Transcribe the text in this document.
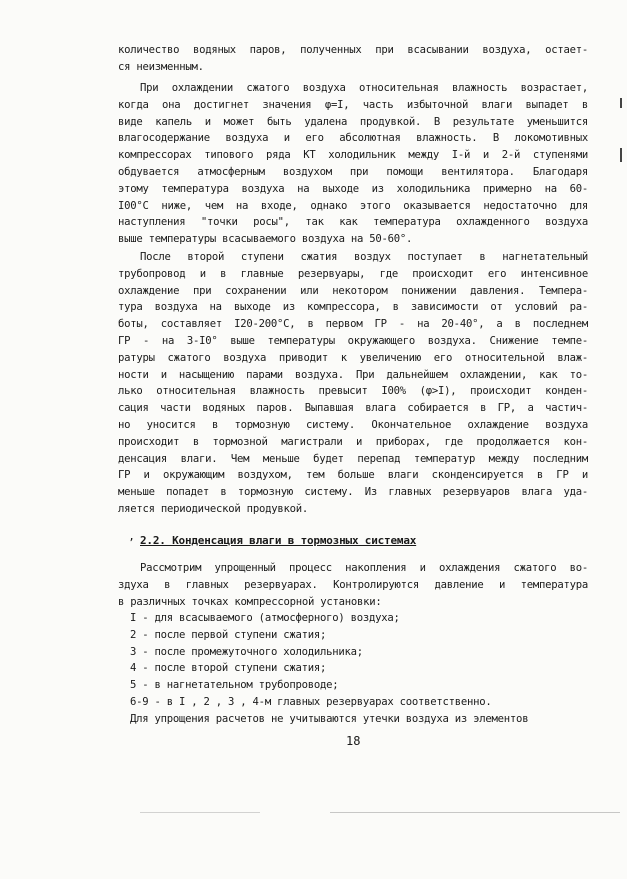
количество водяных паров, полученных при всасывании воздуха, остает-
ся неизменным.
При охлаждении сжатого воздуха относительная влажность возрастает,
когда она достигнет значения φ=I, часть избыточной влаги выпадет в
виде капель и может быть удалена продувкой. В результате уменьшится
влагосодержание воздуха и его абсолютная влажность. В локомотивных
компрессорах типового ряда КТ холодильник между I-й и 2-й ступенями
обдувается атмосферным воздухом при помощи вентилятора. Благодаря
этому температура воздуха на выходе из холодильника примерно на 60-
I00°С ниже, чем на входе, однако этого оказывается недостаточно для
наступления "точки росы", так как температура охлажденного воздуха
выше температуры всасываемого воздуха на 50-60°.
После второй ступени сжатия воздух поступает в нагнетательный
трубопровод и в главные резервуары, где происходит его интенсивное
охлаждение при сохранении или некотором понижении давления. Темпера-
тура воздуха на выходе из компрессора, в зависимости от условий ра-
боты, составляет I20-200°С, в первом ГР - на 20-40°, а в последнем
ГР - на 3-I0° выше температуры окружающего воздуха. Снижение темпе-
ратуры сжатого воздуха приводит к увеличению его относительной влаж-
ности и насыщению парами воздуха. При дальнейшем охлаждении, как то-
лько относительная влажность превысит I00% (φ>I), происходит конден-
сация части водяных паров. Выпавшая влага собирается в ГР, а частич-
но уносится в тормозную систему. Окончательное охлаждение воздуха
происходит в тормозной магистрали и приборах, где продолжается кон-
денсация влаги. Чем меньше будет перепад температур между последним
ГР и окружающим воздухом, тем больше влаги сконденсируется в ГР и
меньше попадет в тормозную систему. Из главных резервуаров влага уда-
ляется периодической продувкой.
’ 2.2. Конденсация влаги в тормозных системах
Рассмотрим упрощенный процесс накопления и охлаждения сжатого во-
здуха в главных резервуарах. Контролируются давление и температура
в различных точках компрессорной установки:
I - для всасываемого (атмосферного) воздуха;
2 - после первой ступени сжатия;
3 - после промежуточного холодильника;
4 - после второй ступени сжатия;
5 - в нагнетательном трубопроводе;
6-9 - в I , 2 , 3 , 4-м главных резервуарах соответственно.
Для упрощения расчетов не учитываются утечки воздуха из элементов
18
